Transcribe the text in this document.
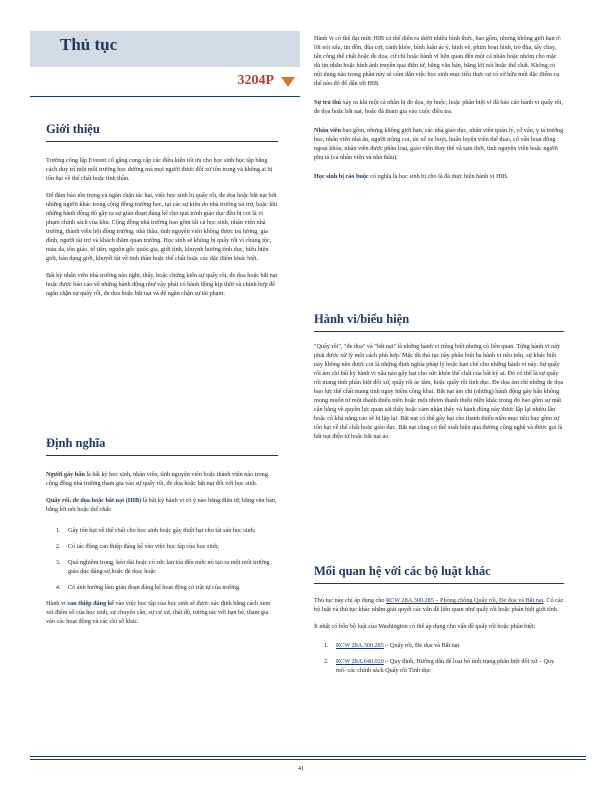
Thủ tục
3204P
Giới thiệu

Trường công lập Everett cố gắng cung cấp các điều kiện tốt ưu cho học sinh học tập bằng cách duy trì một môi trường học đường mà mọi người được đối xử tôn trọng và không ai bị tổn hại về thể chất hoặc tinh thần.

Để đảm bảo tôn trọng và ngăn chặn tác hại, việc học sinh bị quấy rối, đe dọa hoặc bắt nạt bởi những người khác trong cộng đồng trường học, tại các sự kiện do nhà trường tài trợ, hoặc khi những hành động đó gây ra sự gián đoạn đáng kể cho quá trình giáo dục đều bị coi là vi phạm chính sách của khu. Cộng đồng nhà trường bao gồm tất cả học sinh, nhân viên nhà trường, thành viên hội đồng trường, nhà thầu, tình nguyện viên không được trả lương, gia đình, người tài trợ và khách thăm quan trường. Học sinh sẽ không bị quấy rối vì chủng tộc, màu da, tôn giáo, tổ tiên, nguồn gốc quốc gia, giới tính, khuynh hướng tình dục, biểu hiện giới, bản dạng giới, khuyết tật về tinh thần hoặc thể chất hoặc các đặc điểm khác biệt.

Bất kỳ nhân viên nhà trường nào nghi, thấy, hoặc chứng kiến sự quấy rối, đe dọa hoặc bắt nạt hoặc được báo cáo về những hành động như vậy phải có hành động kịp thời và chính hợp để ngăn chặn sự quấy rối, đe dọa hoặc bắt nạt và để ngăn chặn sự tái phạm.

Định nghĩa

Người gây hấn là bất kỳ học sinh, nhân viên, tình nguyện viên hoặc thành viên nào trong cộng đồng nhà trường tham gia vào sự quấy rối, đe dọa hoặc bắt nạt đối với học sinh.

Quấy rối, đe dọa hoặc bắt nạt (HIB) là bất kỳ hành vi có ý nào bằng điện tử, bằng văn bản, bằng lời nói hoặc thể chất:

1. Gây tổn hại về thể chất cho học sinh hoặc gây thiệt hại cho tài sản học sinh;
2. Có tác động can thiệp đáng kể vào việc học tập của học sinh;
3. Quá nghiêm trọng, kéo dài hoặc có sức lan tỏa đến mức nó tạo ra một môi trường giáo dục đáng sợ,hoặc đe dọa; hoặc
4. Có ảnh hưởng làm gián đoạn đáng kể hoạt động có trật tự của trường.

Hành vi can thiệp đáng kể vào việc học tập của học sinh sẽ được xác định bằng cách xem xét điểm số của học sinh, sự chuyên cần, sự cư xử, thái độ, tương tác với bạn bè, tham gia vào các hoạt động và các chỉ số khác.

Hành vi có thể đạt mức HIB có thể diễn ra dưới nhiều hình thức, bao gồm, nhưng không giới hạn ở: lời nói xấu, tin đồn, đùa cợt, cảnh khóe, bình luận ác ý, hình vẽ, phim hoạt hình, trò đùa, tấy chay, tấn công thể chất hoặc đe dọa, cử chỉ hoặc hành vi liên quan đến một cá nhân hoặc nhóm cho mặc dù tin nhắn hoặc hình ảnh truyền qua điện tử, bằng văn bản, bằng lời nói hoặc thể chất. Không có nội dung nào trong phần này sẽ cấm dẫn việc học sinh mục tiêu thực sự có sở hữu một đặc điểm cụ thể nào đó để dẫn tới HIB.

Sự trả thù xảy ra khi một cá nhân bị đe dọa, ép buộc, hoặc phân biệt vì đã báo cáo hành vi quấy rối, đe dọa hoặc bắt nạt, hoặc đã tham gia vào cuộc điều tra.

Nhân viên bao gồm, nhưng không giới hạn, các nhà giáo dục, nhân viên quản lý, cố vấn, y tá trường học, nhân viên nhà ăn, người trông coi, tài xế xe buýt, huấn luyện viên thể thao, cố vấn hoạt động ngoại khóa, nhân viên được phân loại, giáo viên thay thế và tạm thời, tình nguyện viên hoặc người phụ tá (cả nhân viên và nhà thầu).

Học sinh bị cáo buộc có nghĩa là học sinh bị cho là đã thực hiện hành vi HIB.

Hành vi/biểu hiện

"Quấy rối", "đe dọa" và "bắt nạt" là những hành vi riêng biệt nhưng có liên quan. Từng hành vi này phải được xử lý một cách phù hợp. Mặc dù thủ tục này phân biệt ba hành vi nêu trên, sự khác biệt này không nên được coi là những định nghĩa pháp lý hoặc hạn chế cho những hành vi này. Sự quấy rối ám chỉ bất kỳ hành vi xấu nào gây hại cho sức khỏe thể chất của bất kỳ ai. Đó có thể là sự quấy rối mang tính phân biệt đối xử, quấy rối ác tâm, hoặc quấy rối tình dục. Đe dọa ám chỉ những đe dọa bạo lực thể chất mang tính nguy hiểm công khai. Bắt nạt ám chỉ (những) hành động gây hấn không mong muốn từ một thanh thiếu niên hoặc một nhóm thanh thiếu niên khác trong đó bao gồm sự mất cân bằng về quyền lực quan sát thấy hoặc cảm nhận thấy và hành động này được lặp lại nhiều lần hoặc có khả năng cao sẽ bị lặp lại. Bắt nạt có thể gây hại cho thanh thiếu niên mục tiêu bao gồm sự tổn hại về thể chất hoặc giáo dục. Bắt nạt cũng có thể xuất hiện qua đường công nghệ và được gọi là bắt nạt điện tử hoặc bắt nạt ảo.

Mối quan hệ với các bộ luật khác

Thủ tục này chỉ áp dụng cho RCW 28A.300.285 – Phòng chống Quấy rối, Đe dọa và Bắt nạt. Có các bộ luật và thủ tục khác nhằm giải quyết các vấn đề liên quan như quấy rối hoặc phân biệt giới tính.

Ít nhất có bốn bộ luật của Washington có thể áp dụng cho vấn đề quấy rối hoặc phân biệt:

1. RCW 28A.300.285 – Quấy rối, Đe dọa và Bắt nạt
2. RCW 28A.640.020 – Quy định, Hướng dẫn để loại bỏ tình trạng phân biệt đối xử – Quy mô- các chính sách Quấy rối Tình dục
41
